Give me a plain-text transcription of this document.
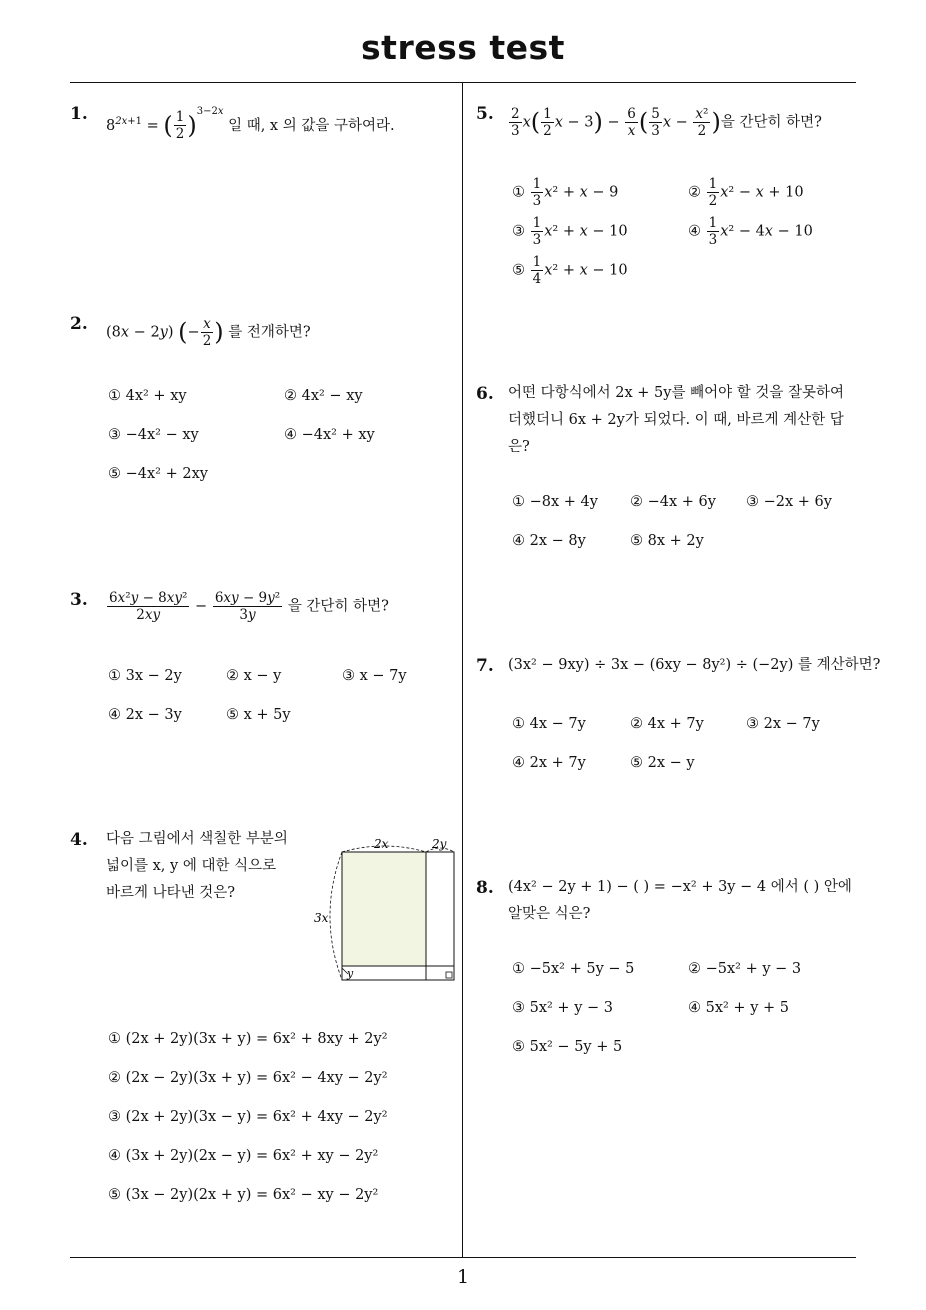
stress test
1
1.
$8^{2x+1}$ = ( $\frac{1}{2} )^{3-2x}$ 일 때, x 의 값을 구하여라.
2. (8x − 2y) (− $\frac{x}{2}$ ) 를 전개하면?
① 4x² + xy	② 4x² − xy
③ −4x² − xy	④ −4x² + xy
⑤ −4x² + 2xy
3. $\frac{\text{6x²y − 8xy²}}{2xy} - \frac{\text{6xy − 9y²}}{3y}$ 을 간단히 하면?
① 3x − 2y	② x − y	③ x − 7y
④ 2x − 3y	⑤ x + 5y
4. 다음 그림에서 색칠한 부분의
넓이를 x, y 에 대한 식으로
바르게 나타낸 것은?
2x	2y
3x
y
① (2x + 2y)(3x + y) = 6x² + 8xy + 2y²
② (2x − 2y)(3x + y) = 6x² − 4xy − 2y²
③ (2x + 2y)(3x − y) = 6x² + 4xy − 2y²
④ (3x + 2y)(2x − y) = 6x² + xy − 2y²
⑤ (3x − 2y)(2x + y) = 6x² − xy − 2y²
5. $\frac{2}{3} x( \frac{1}{2}$ $x - 3) - \frac{6}{x}$ ( $\frac{5}{3}$ $x - \frac{\text{x²}}{2}$ )을 간단히 하면?
① $\frac{1}{3} x^2 + x - 9$	② $\frac{1}{2} x^2 - x + 10$
③ $\frac{1}{3} x^2 + x - 10$	④ $\frac{1}{3} x^2 - 4x - 10$
⑤ $\frac{1}{4} x^2 + x - 10$
6. 어떤 다항식에서 2x + 5y를 빼어야 할 것을 잘못하여
더했더니 6x + 2y가 되었다. 이 때, 바르게 계산한 답
은?
① −8x + 4y ② −4x + 6y ③ −2x + 6y
④ 2x − 8y	⑤ 8x + 2y
7. (3x² − 9xy) ÷ 3x − (6xy − 8y²) ÷ (−2y) 를 계산하면?
① 4x − 7y	② 4x + 7y	③ 2x − 7y
④ 2x + 7y	⑤ 2x − y
8. (4x² − 2y + 1) − ( ) = −x² + 3y − 4 에서 ( ) 안에
알맞은 식은?
① −5x² + 5y − 5	② −5x² + y − 3
③ 5x² + y − 3	④ 5x² + y + 5
⑤ 5x² − 5y + 5
